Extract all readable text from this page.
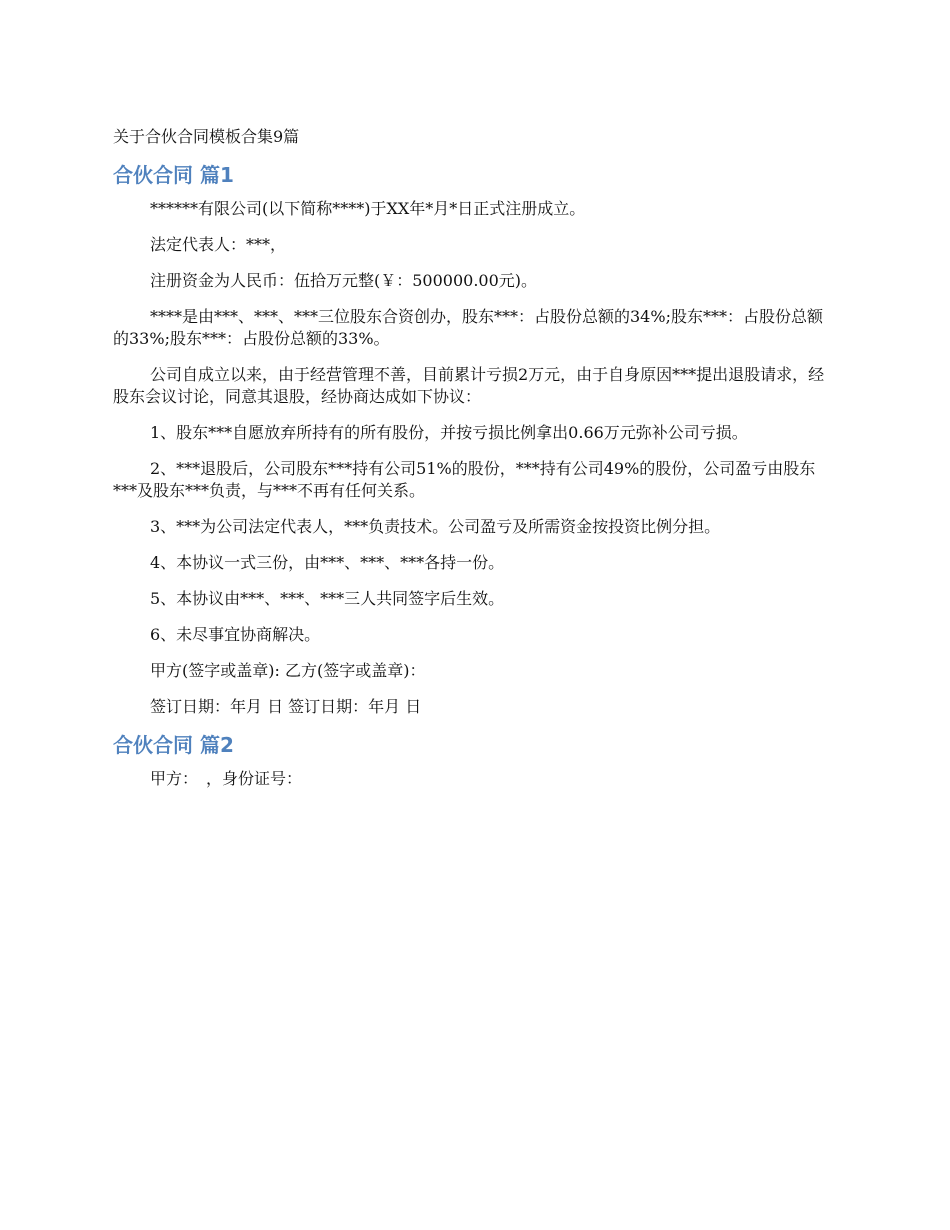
关于合伙合同模板合集9篇
合伙合同 篇1

******有限公司(以下简称****)于XX年*月*日正式注册成立。

法定代表人：***，

注册资金为人民币：伍拾万元整(￥：500000.00元)。

****是由***、***、***三位股东合资创办，股东***：占股份总额的34%;股东***：占股份总额的33%;股东***：占股份总额的33%。

公司自成立以来，由于经营管理不善，目前累计亏损2万元，由于自身原因***提出退股请求，经股东会议讨论，同意其退股，经协商达成如下协议：

1、股东***自愿放弃所持有的所有股份，并按亏损比例拿出0.66万元弥补公司亏损。

2、***退股后，公司股东***持有公司51%的股份，***持有公司49%的股份，公司盈亏由股东***及股东***负责，与***不再有任何关系。

3、***为公司法定代表人，***负责技术。公司盈亏及所需资金按投资比例分担。

4、本协议一式三份，由***、***、***各持一份。

5、本协议由***、***、***三人共同签字后生效。

6、未尽事宜协商解决。

甲方(签字或盖章): 乙方(签字或盖章)：

签订日期：年月 日 签订日期：年月 日

合伙合同 篇2

甲方：　，身份证号：
